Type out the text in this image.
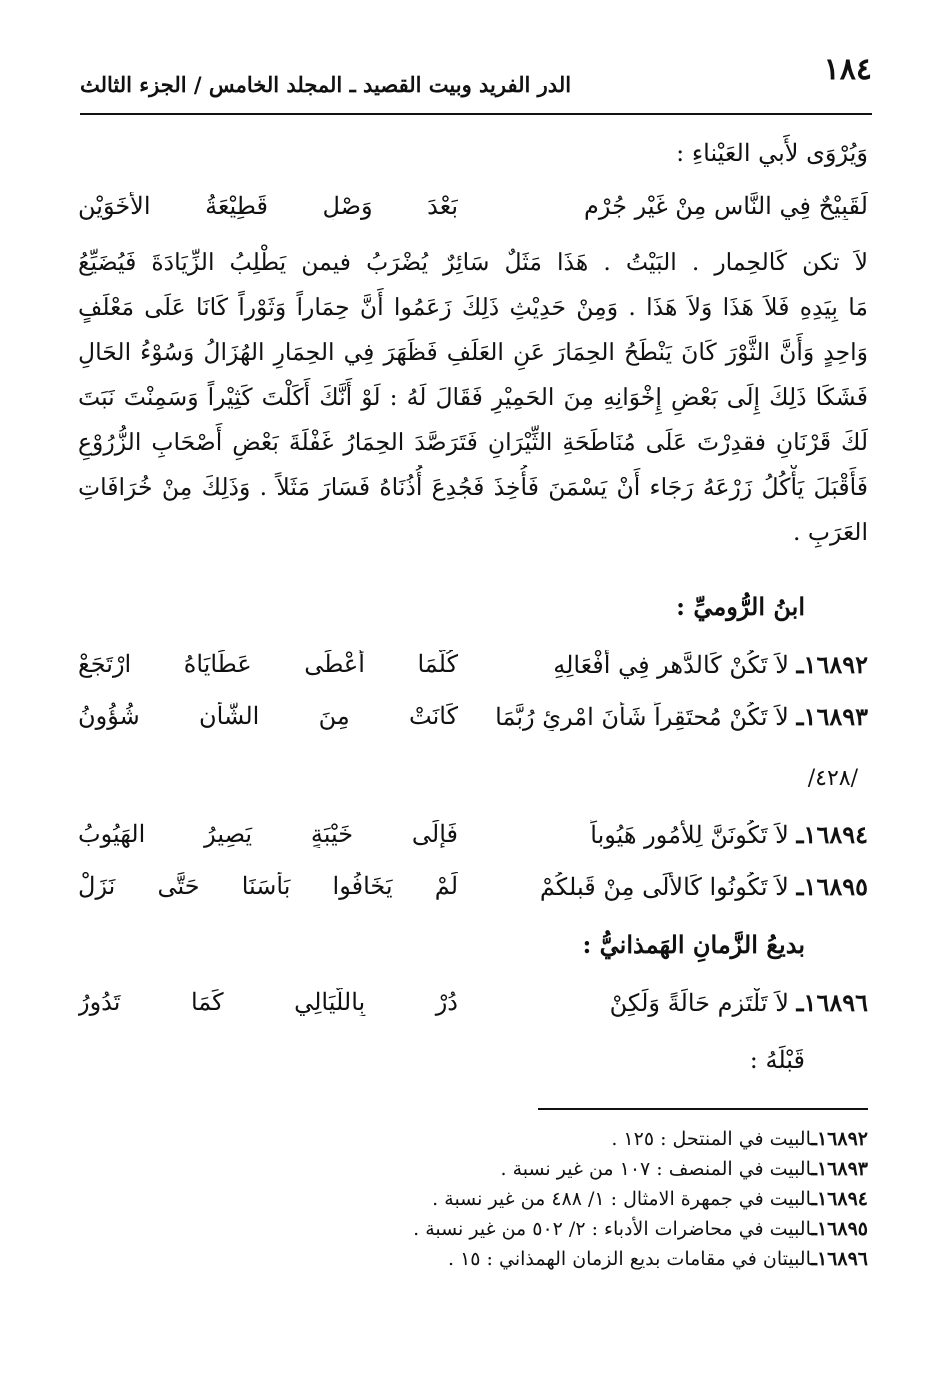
١٨٤
الدر الفريد وبيت القصيد ـ المجلد الخامس / الجزء الثالث
وَيُرْوَى لأَبي العَيْناءِ :
لَقَبِيْحٌ فِي النَّاسِ مِنْ غَيْرِ جُرْمِ
بَعْدَ وَصْلٍ قَطِيْعَةُ الأَخَوَيْنِ
لاَ تكن كَالحِمار . البَيْتُ . هَذَا مَثَلٌ سَائِرٌ يُضْرَبُ فيمن يَطْلِبُ الزِّيَادَةَ فَيُضَيِّعُ
مَا بِيَدِهِ فَلاَ هَذَا وَلاَ هَذَا . وَمِنْ حَدِيْثِ ذَلِكَ زَعَمُوا أَنَّ حِمَاراً وَثَوْراً كَانَا عَلَى مَعْلَفٍ
وَاحِدٍ وَأَنَّ الثَّوْرَ كَانَ يَنْطَحُ الحِمَارَ عَنِ العَلَفِ فَظَهَرَ فِي الحِمَارِ الهُزَالُ وَسُوْءُ الحَالِ
فَشَكَا ذَلِكَ إِلَى بَعْضِ إِخْوَانِهِ مِنَ الحَمِيْرِ فَقَالَ لَهُ : لَوْ أَنَّكَ أَكَلْتَ كَثِيْراً وَسَمِنْتَ نَبَتَ
لَكَ قَرْنَانِ فقدِرْتَ عَلَى مُنَاطَحَةِ الثِّيْرَانِ فَتَرَصَّدَ الحِمَارُ غَفْلَةَ بَعْضِ أَصْحَابِ الزُّرُوْعِ
فَأَقْبَلَ يَأْكُلُ زَرْعَهُ رَجَاء أَنْ يَسْمَنَ فَأُخِذَ فَجُدِعَ أُذُنَاهُ فَسَارَ مَثَلاً . وَذَلِكَ مِنْ خُرَافَاتِ
العَرَبِ .
ابنُ الرُّوميِّ :
١٦٨٩٢ـ لاَ تَكُنْ كَالدَّهرِ فِي أَفْعَالِهِ
كُلَّمَا أَعْطَى عَطَايَاهُ ارْتَجَعْ
١٦٨٩٣ـ لاَ تَكُنْ مُحتَقِراً شَأْنَ امْرِئٍ رُبَّمَا
كَانَتْ مِنَ الشَّأْنِ شُؤُونُ
/٤٢٨/
١٦٨٩٤ـ لاَ تَكُونَنَّ لِلأُمُورِ هَيُوباً
فَإِلَى خَيْبَةٍ يَصِيرُ الهَيُوبُ
١٦٨٩٥ـ لاَ تَكُونُوا كَالأُلَى مِنْ قَبلكُمْ
لَمْ يَخَافُوا بَأْسَنَا حَتَّى نَزَلْ
بديعُ الزَّمانِ الهَمذانيُّ :
١٦٨٩٦ـ لاَ تَلْتَزِم حَالَةً وَلَكِنْ
دُرْ بِاللَّيَالِي كَمَا تَدُورُ
قَبْلَهُ :
١٦٨٩٢ـالبيت في المنتحل : ١٢٥ .
١٦٨٩٣ـالبيت في المنصف : ١٠٧ من غير نسبة .
١٦٨٩٤ـالبيت في جمهرة الامثال : ١/ ٤٨٨ من غير نسبة .
١٦٨٩٥ـالبيت في محاضرات الأدباء : ٢/ ٥٠٢ من غير نسبة .
١٦٨٩٦ـالبيتان في مقامات بديع الزمان الهمذاني : ١٥ .
